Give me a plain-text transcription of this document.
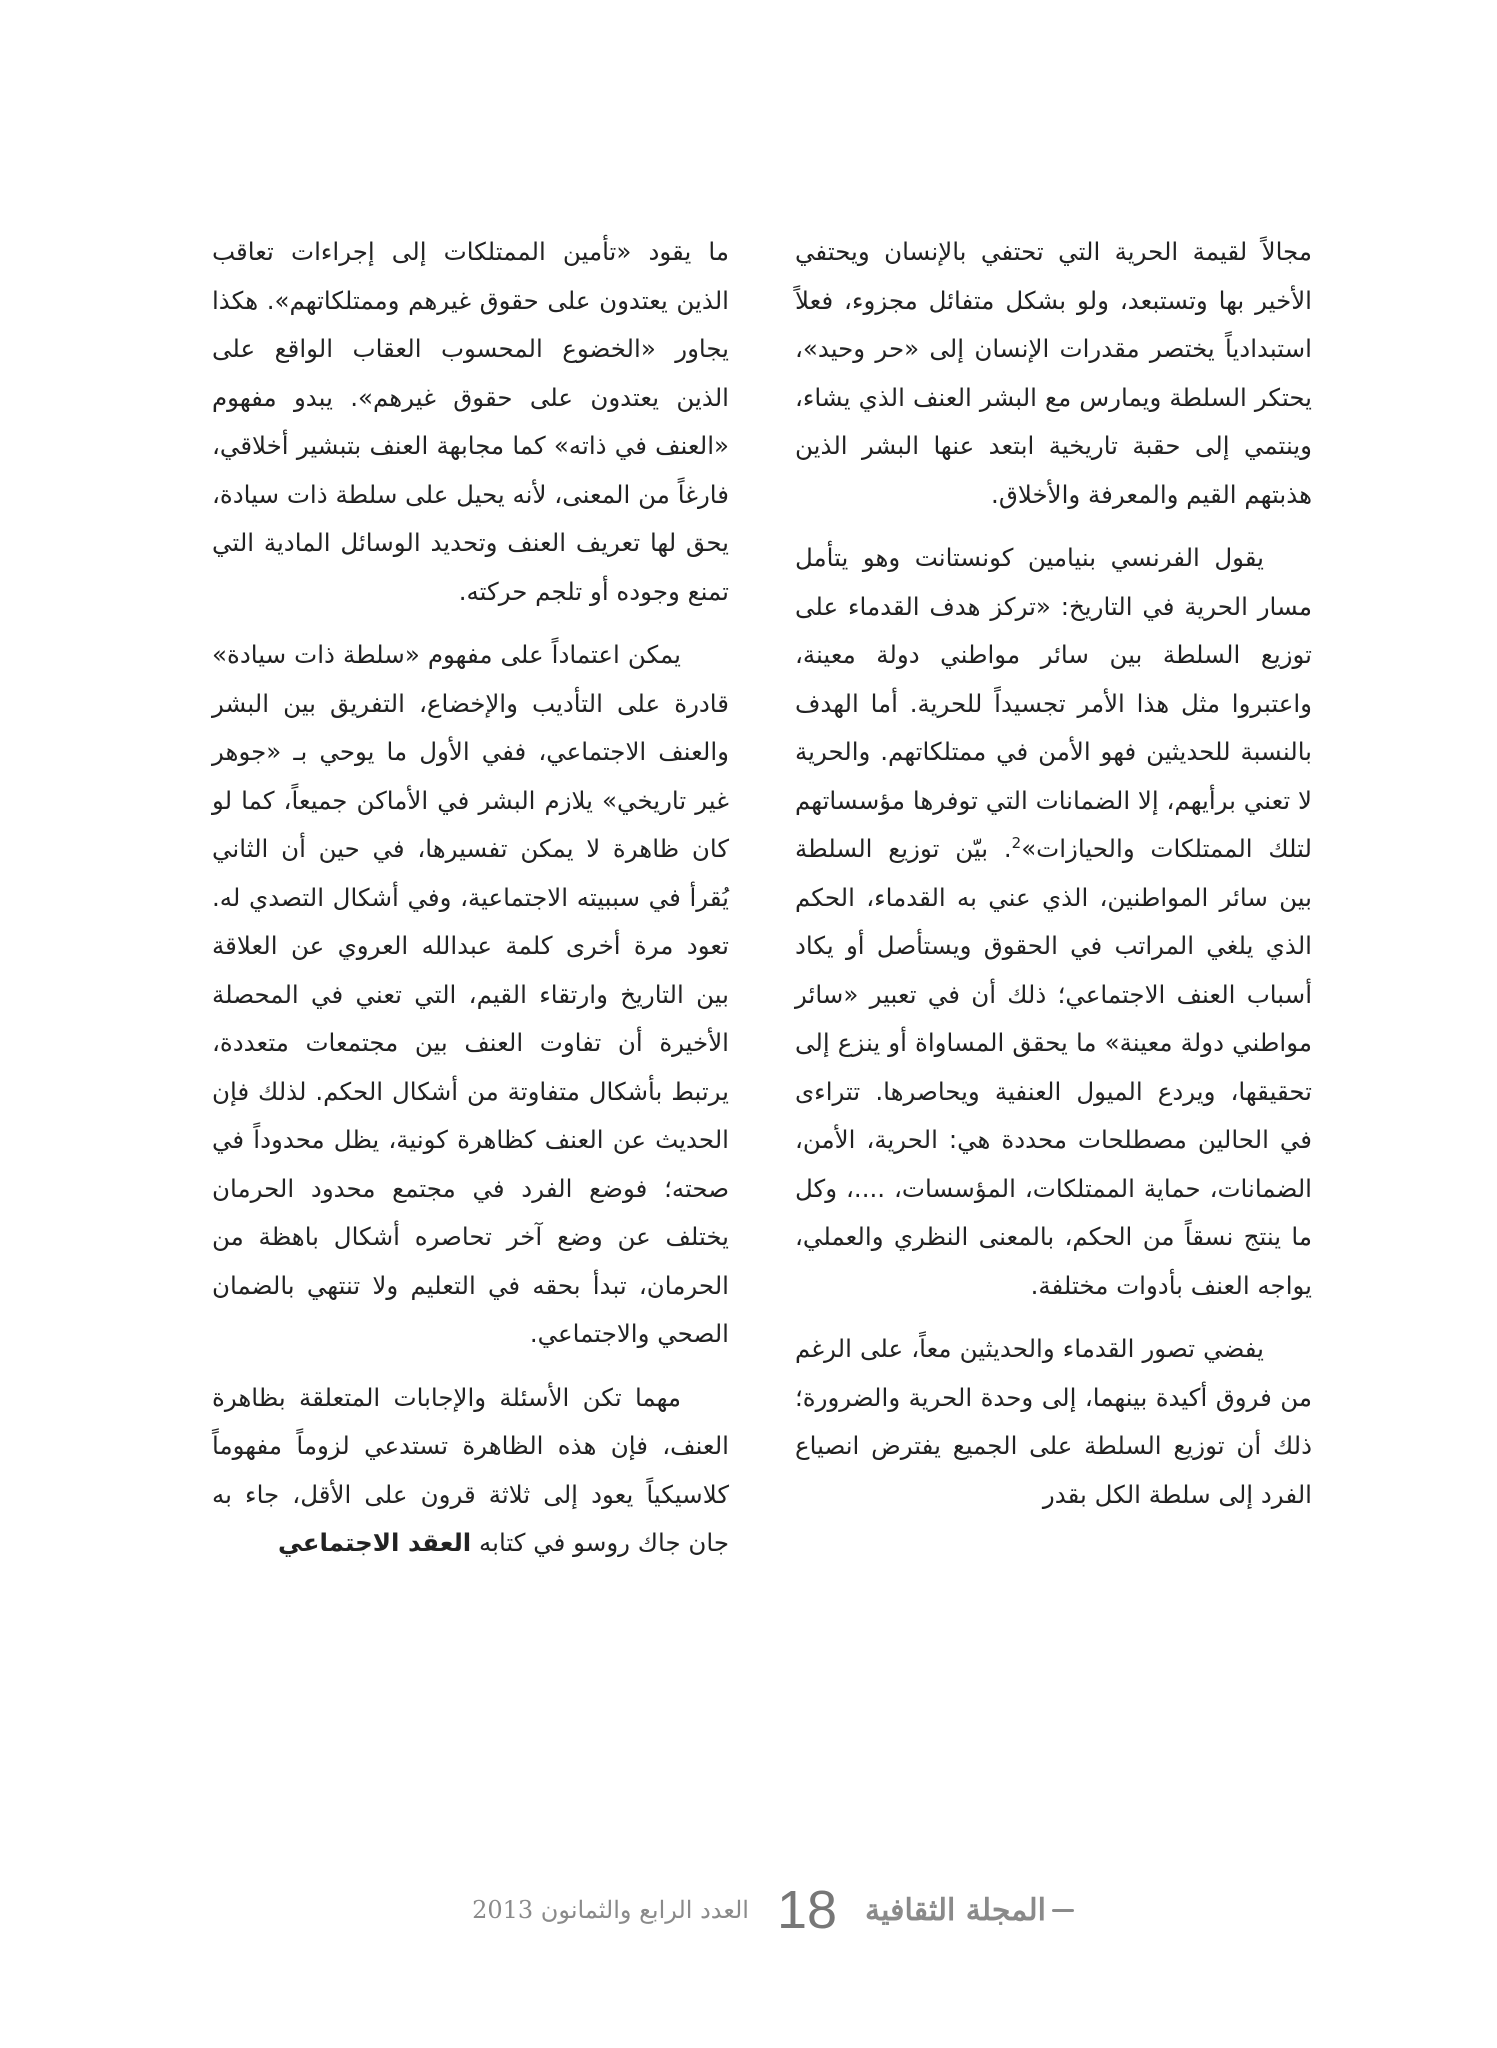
مجالاً لقيمة الحرية التي تحتفي بالإنسان ويحتفي الأخير بها وتستبعد، ولو بشكل متفائل مجزوء، فعلاً استبدادياً يختصر مقدرات الإنسان إلى «حر وحيد»، يحتكر السلطة ويمارس مع البشر العنف الذي يشاء، وينتمي إلى حقبة تاريخية ابتعد عنها البشر الذين هذبتهم القيم والمعرفة والأخلاق.

يقول الفرنسي بنيامين كونستانت وهو يتأمل مسار الحرية في التاريخ: «تركز هدف القدماء على توزيع السلطة بين سائر مواطني دولة معينة، واعتبروا مثل هذا الأمر تجسيداً للحرية. أما الهدف بالنسبة للحديثين فهو الأمن في ممتلكاتهم. والحرية لا تعني برأيهم، إلا الضمانات التي توفرها مؤسساتهم لتلك الممتلكات والحيازات»$^2$. بيّن توزيع السلطة بين سائر المواطنين، الذي عني به القدماء، الحكم الذي يلغي المراتب في الحقوق ويستأصل أو يكاد أسباب العنف الاجتماعي؛ ذلك أن في تعبير «سائر مواطني دولة معينة» ما يحقق المساواة أو ينزع إلى تحقيقها، ويردع الميول العنفية ويحاصرها. تتراءى في الحالين مصطلحات محددة هي: الحرية، الأمن، الضمانات، حماية الممتلكات، المؤسسات، ....، وكل ما ينتج نسقاً من الحكم، بالمعنى النظري والعملي، يواجه العنف بأدوات مختلفة.

يفضي تصور القدماء والحديثين معاً، على الرغم من فروق أكيدة بينهما، إلى وحدة الحرية والضرورة؛ ذلك أن توزيع السلطة على الجميع يفترض انصياع الفرد إلى سلطة الكل بقدر

ما يقود «تأمين الممتلكات إلى إجراءات تعاقب الذين يعتدون على حقوق غيرهم وممتلكاتهم». هكذا يجاور «الخضوع المحسوب العقاب الواقع على الذين يعتدون على حقوق غيرهم». يبدو مفهوم «العنف في ذاته» كما مجابهة العنف بتبشير أخلاقي، فارغاً من المعنى، لأنه يحيل على سلطة ذات سيادة، يحق لها تعريف العنف وتحديد الوسائل المادية التي تمنع وجوده أو تلجم حركته.

يمكن اعتماداً على مفهوم «سلطة ذات سيادة» قادرة على التأديب والإخضاع، التفريق بين البشر والعنف الاجتماعي، ففي الأول ما يوحي بـ «جوهر غير تاريخي» يلازم البشر في الأماكن جميعاً، كما لو كان ظاهرة لا يمكن تفسيرها، في حين أن الثاني يُقرأ في سببيته الاجتماعية، وفي أشكال التصدي له. تعود مرة أخرى كلمة عبدالله العروي عن العلاقة بين التاريخ وارتقاء القيم، التي تعني في المحصلة الأخيرة أن تفاوت العنف بين مجتمعات متعددة، يرتبط بأشكال متفاوتة من أشكال الحكم. لذلك فإن الحديث عن العنف كظاهرة كونية، يظل محدوداً في صحته؛ فوضع الفرد في مجتمع محدود الحرمان يختلف عن وضع آخر تحاصره أشكال باهظة من الحرمان، تبدأ بحقه في التعليم ولا تنتهي بالضمان الصحي والاجتماعي.

مهما تكن الأسئلة والإجابات المتعلقة بظاهرة العنف، فإن هذه الظاهرة تستدعي لزوماً مفهوماً كلاسيكياً يعود إلى ثلاثة قرون على الأقل، جاء به جان جاك روسو في كتابه العقد الاجتماعي

المجلة الثقافية
18
العدد الرابع والثمانون 2013
